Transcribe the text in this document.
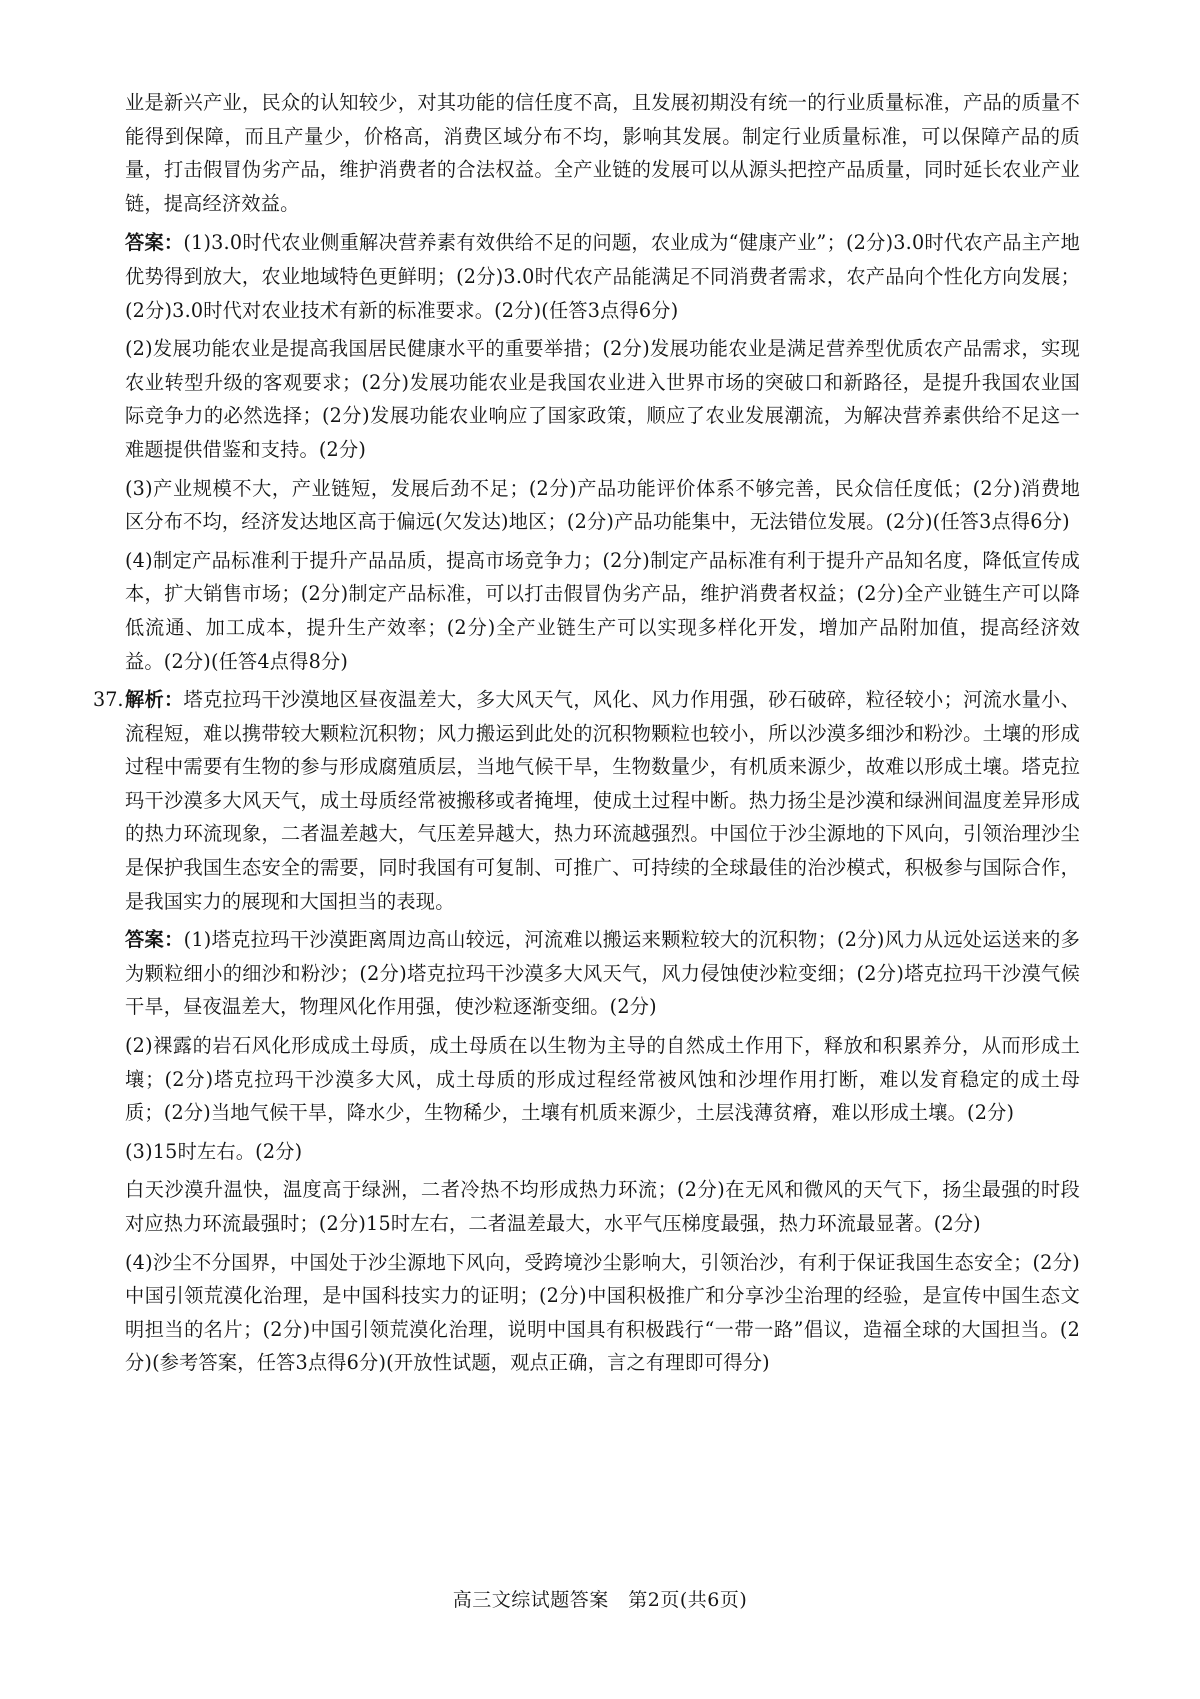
业是新兴产业，民众的认知较少，对其功能的信任度不高，且发展初期没有统一的行业质量标准，产品的质量不能得到保障，而且产量少，价格高，消费区域分布不均，影响其发展。制定行业质量标准，可以保障产品的质量，打击假冒伪劣产品，维护消费者的合法权益。全产业链的发展可以从源头把控产品质量，同时延长农业产业链，提高经济效益。

答案：(1)3.0时代农业侧重解决营养素有效供给不足的问题，农业成为“健康产业”；(2分)3.0时代农产品主产地优势得到放大，农业地域特色更鲜明；(2分)3.0时代农产品能满足不同消费者需求，农产品向个性化方向发展；(2分)3.0时代对农业技术有新的标准要求。(2分)(任答3点得6分)

(2)发展功能农业是提高我国居民健康水平的重要举措；(2分)发展功能农业是满足营养型优质农产品需求，实现农业转型升级的客观要求；(2分)发展功能农业是我国农业进入世界市场的突破口和新路径，是提升我国农业国际竞争力的必然选择；(2分)发展功能农业响应了国家政策，顺应了农业发展潮流，为解决营养素供给不足这一难题提供借鉴和支持。(2分)

(3)产业规模不大，产业链短，发展后劲不足；(2分)产品功能评价体系不够完善，民众信任度低；(2分)消费地区分布不均，经济发达地区高于偏远(欠发达)地区；(2分)产品功能集中，无法错位发展。(2分)(任答3点得6分)

(4)制定产品标准利于提升产品品质，提高市场竞争力；(2分)制定产品标准有利于提升产品知名度，降低宣传成本，扩大销售市场；(2分)制定产品标准，可以打击假冒伪劣产品，维护消费者权益；(2分)全产业链生产可以降低流通、加工成本，提升生产效率；(2分)全产业链生产可以实现多样化开发，增加产品附加值，提高经济效益。(2分)(任答4点得8分)

37. 解析：塔克拉玛干沙漠地区昼夜温差大，多大风天气，风化、风力作用强，砂石破碎，粒径较小；河流水量小、流程短，难以携带较大颗粒沉积物；风力搬运到此处的沉积物颗粒也较小，所以沙漠多细沙和粉沙。土壤的形成过程中需要有生物的参与形成腐殖质层，当地气候干旱，生物数量少，有机质来源少，故难以形成土壤。塔克拉玛干沙漠多大风天气，成土母质经常被搬移或者掩埋，使成土过程中断。热力扬尘是沙漠和绿洲间温度差异形成的热力环流现象，二者温差越大，气压差异越大，热力环流越强烈。中国位于沙尘源地的下风向，引领治理沙尘是保护我国生态安全的需要，同时我国有可复制、可推广、可持续的全球最佳的治沙模式，积极参与国际合作，是我国实力的展现和大国担当的表现。

答案：(1)塔克拉玛干沙漠距离周边高山较远，河流难以搬运来颗粒较大的沉积物；(2分)风力从远处运送来的多为颗粒细小的细沙和粉沙；(2分)塔克拉玛干沙漠多大风天气，风力侵蚀使沙粒变细；(2分)塔克拉玛干沙漠气候干旱，昼夜温差大，物理风化作用强，使沙粒逐渐变细。(2分)

(2)裸露的岩石风化形成成土母质，成土母质在以生物为主导的自然成土作用下，释放和积累养分，从而形成土壤；(2分)塔克拉玛干沙漠多大风，成土母质的形成过程经常被风蚀和沙埋作用打断，难以发育稳定的成土母质；(2分)当地气候干旱，降水少，生物稀少，土壤有机质来源少，土层浅薄贫瘠，难以形成土壤。(2分)

(3)15时左右。(2分)

白天沙漠升温快，温度高于绿洲，二者冷热不均形成热力环流；(2分)在无风和微风的天气下，扬尘最强的时段对应热力环流最强时；(2分)15时左右，二者温差最大，水平气压梯度最强，热力环流最显著。(2分)

(4)沙尘不分国界，中国处于沙尘源地下风向，受跨境沙尘影响大，引领治沙，有利于保证我国生态安全；(2分)中国引领荒漠化治理，是中国科技实力的证明；(2分)中国积极推广和分享沙尘治理的经验，是宣传中国生态文明担当的名片；(2分)中国引领荒漠化治理，说明中国具有积极践行“一带一路”倡议，造福全球的大国担当。(2分)(参考答案，任答3点得6分)(开放性试题，观点正确，言之有理即可得分)

高三文综试题答案　第2页(共6页)
